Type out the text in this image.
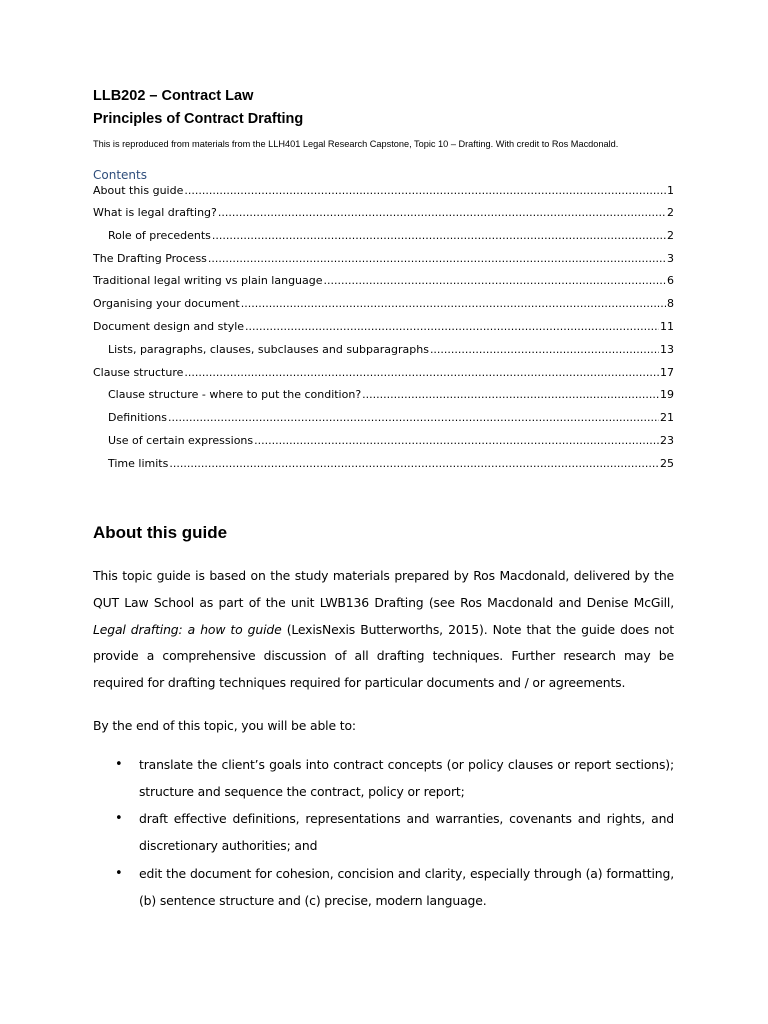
LLB202 – Contract Law
Principles of Contract Drafting

This is reproduced from materials from the LLH401 Legal Research Capstone, Topic 10 – Drafting. With credit to Ros Macdonald.

Contents
About this guide .....	1
What is legal drafting? .....	2
Role of precedents .....	2
The Drafting Process .....	3
Traditional legal writing vs plain language .....	6
Organising your document .....	8
Document design and style .....	11
Lists, paragraphs, clauses, subclauses and subparagraphs .....	13
Clause structure .....	17
Clause structure - where to put the condition? .....	19
Definitions .....	21
Use of certain expressions .....	23
Time limits .....	25
About this guide

This topic guide is based on the study materials prepared by Ros Macdonald, delivered by the QUT Law School as part of the unit LWB136 Drafting (see Ros Macdonald and Denise McGill, Legal drafting: a how to guide (LexisNexis Butterworths, 2015). Note that the guide does not provide a comprehensive discussion of all drafting techniques. Further research may be required for drafting techniques required for particular documents and / or agreements.

By the end of this topic, you will be able to:

•	translate the client’s goals into contract concepts (or policy clauses or report sections); structure and sequence the contract, policy or report;
•	draft effective definitions, representations and warranties, covenants and rights, and discretionary authorities; and
•	edit the document for cohesion, concision and clarity, especially through (a) formatting, (b) sentence structure and (c) precise, modern language.
